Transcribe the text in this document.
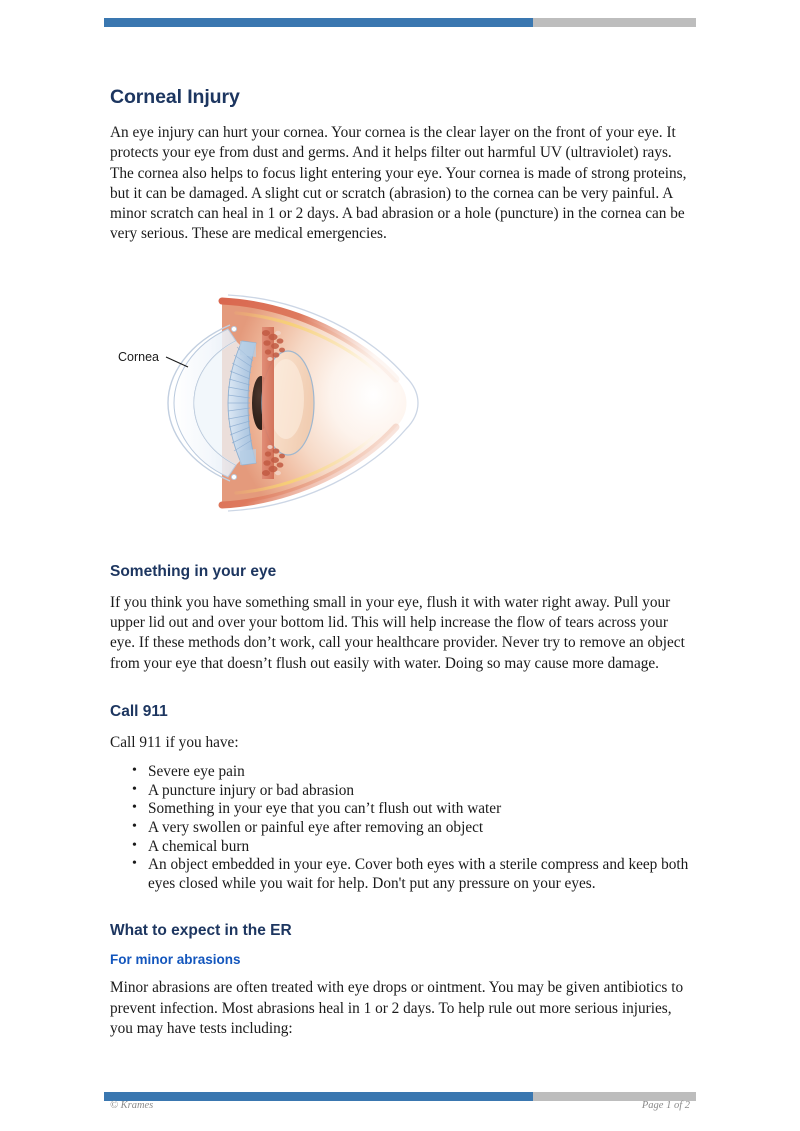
Corneal Injury

An eye injury can hurt your cornea. Your cornea is the clear layer on the front of your eye. It protects your eye from dust and germs. And it helps filter out harmful UV (ultraviolet) rays. The cornea also helps to focus light entering your eye. Your cornea is made of strong proteins, but it can be damaged. A slight cut or scratch (abrasion) to the cornea can be very painful. A minor scratch can heal in 1 or 2 days. A bad abrasion or a hole (puncture) in the cornea can be very serious. These are medical emergencies.

Cornea
Something in your eye

If you think you have something small in your eye, flush it with water right away. Pull your upper lid out and over your bottom lid. This will help increase the flow of tears across your eye. If these methods don’t work, call your healthcare provider. Never try to remove an object from your eye that doesn’t flush out easily with water. Doing so may cause more damage.

Call 911

Call 911 if you have:

• Severe eye pain
• A puncture injury or bad abrasion
• Something in your eye that you can’t flush out with water
• A very swollen or painful eye after removing an object
• A chemical burn
• An object embedded in your eye. Cover both eyes with a sterile compress and keep both eyes closed while you wait for help. Don't put any pressure on your eyes.
What to expect in the ER
For minor abrasions

Minor abrasions are often treated with eye drops or ointment. You may be given antibiotics to prevent infection. Most abrasions heal in 1 or 2 days. To help rule out more serious injuries, you may have tests including:

© Krames	Page 1 of 2
